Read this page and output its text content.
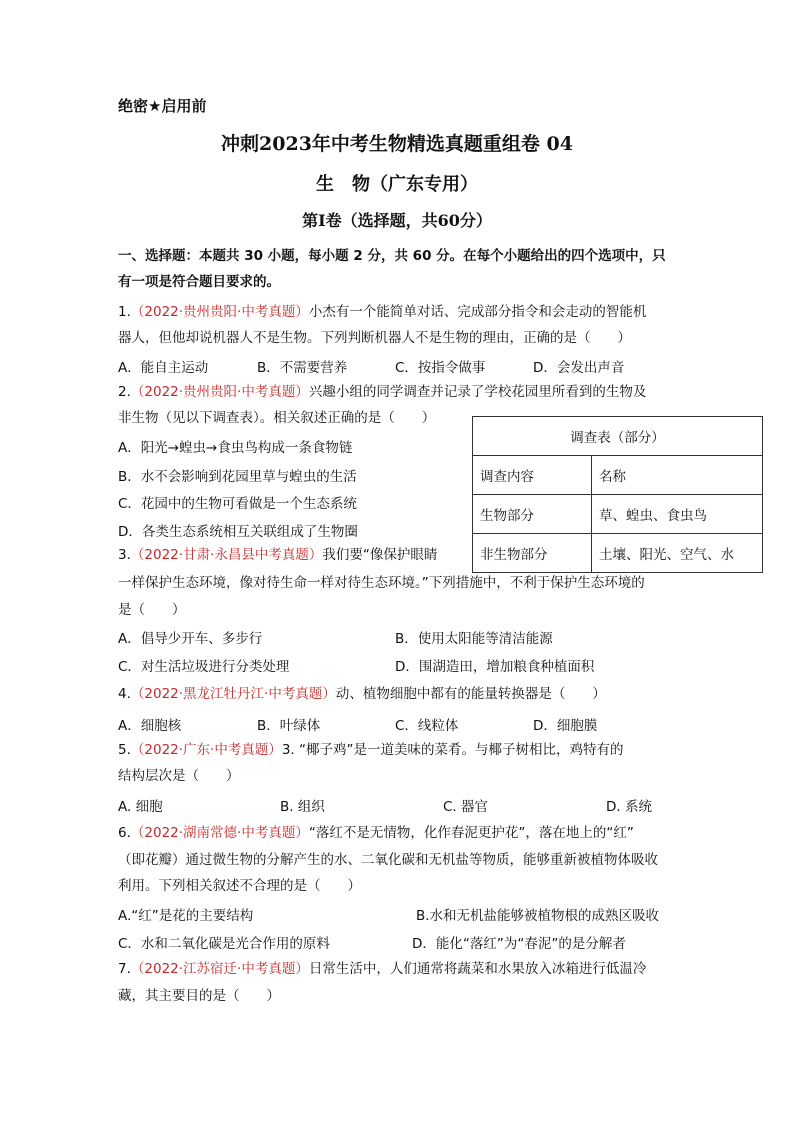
绝密★启用前
冲刺2023年中考生物精选真题重组卷 04
生　物（广东专用）
第Ⅰ卷（选择题，共60分）
一、选择题：本题共 30 小题，每小题 2 分，共 60 分。在每个小题给出的四个选项中，只
有一项是符合题目要求的。
1.（2022·贵州贵阳·中考真题）小杰有一个能简单对话、完成部分指令和会走动的智能机
器人，但他却说机器人不是生物。下列判断机器人不是生物的理由，正确的是（　　）
A．能自主运动	B．不需要营养	C．按指令做事	D．会发出声音
2.（2022·贵州贵阳·中考真题）兴趣小组的同学调查并记录了学校花园里所看到的生物及
非生物（见以下调查表）。相关叙述正确的是（　　）
A．阳光→蝗虫→食虫鸟构成一条食物链
B．水不会影响到花园里草与蝗虫的生活
C．花园中的生物可看做是一个生态系统
D．各类生态系统相互关联组成了生物圈
调查表（部分）	
调查内容	名称
生物部分	草、蝗虫、食虫鸟
非生物部分	土壤、阳光、空气、水
3.（2022·甘肃·永昌县中考真题）我们要“像保护眼睛
一样保护生态环境，像对待生命一样对待生态环境。”下列措施中，不利于保护生态环境的
是（　　）
A．倡导少开车、多步行	B．使用太阳能等清洁能源
C．对生活垃圾进行分类处理	D．围湖造田，增加粮食种植面积
4.（2022·黑龙江牡丹江·中考真题）动、植物细胞中都有的能量转换器是（　　）
A．细胞核	B．叶绿体	C．线粒体	D．细胞膜
5.（2022·广东·中考真题）3. “椰子鸡”是一道美味的菜肴。与椰子树相比，鸡特有的
结构层次是（　　）
A. 细胞	B. 组织	C. 器官	D. 系统
6.（2022·湖南常德·中考真题）“落红不是无情物，化作春泥更护花”，落在地上的“红”
（即花瓣）通过微生物的分解产生的水、二氧化碳和无机盐等物质，能够重新被植物体吸收
利用。下列相关叙述不合理的是（　　）
A.“红”是花的主要结构	B.水和无机盐能够被植物根的成熟区吸收
C．水和二氧化碳是光合作用的原料	D．能化“落红”为“春泥”的是分解者
7.（2022·江苏宿迁·中考真题）日常生活中，人们通常将蔬菜和水果放入冰箱进行低温冷
藏，其主要目的是（　　）
